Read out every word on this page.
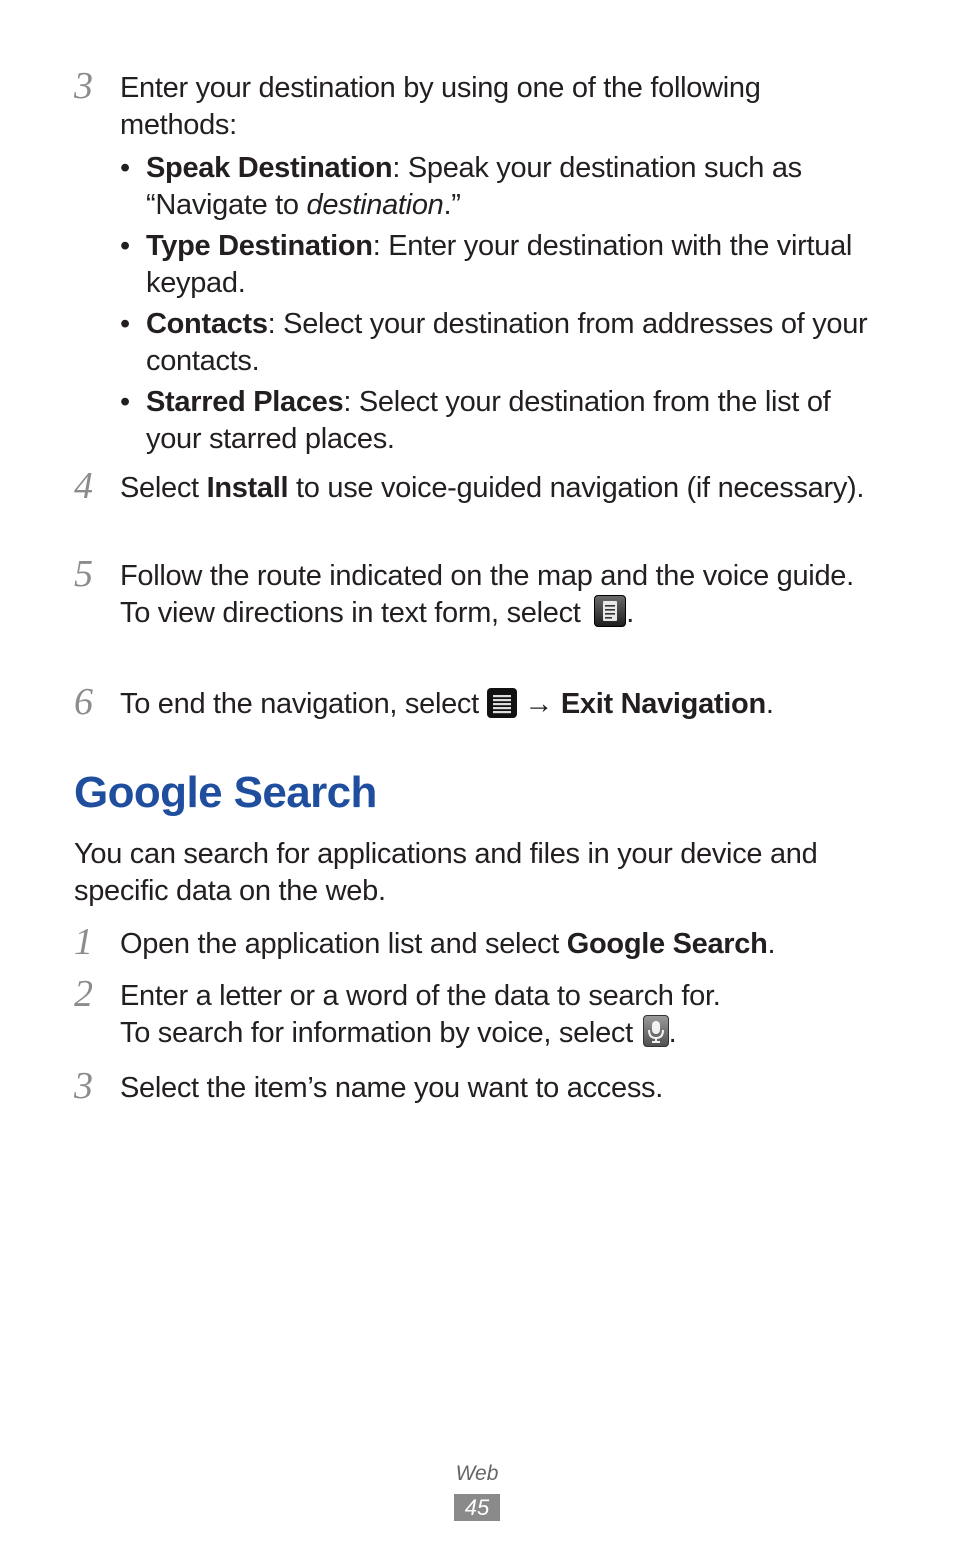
3 Enter your destination by using one of the following methods:

• Speak Destination: Speak your destination such as “Navigate to destination.”
• Type Destination: Enter your destination with the virtual keypad.
• Contacts: Select your destination from addresses of your contacts.
• Starred Places: Select your destination from the list of your starred places.
4 Select Install to use voice-guided navigation (if necessary).

5 Follow the route indicated on the map and the voice guide.

To view directions in text form, select
.

6 To end the navigation, select
→ Exit Navigation.

Google Search
You can search for applications and files in your device and specific data on the web.
1 Open the application list and select Google Search.

2 Enter a letter or a word of the data to search for.

To search for information by voice, select
.

3 Select the item’s name you want to access.

Web
45
